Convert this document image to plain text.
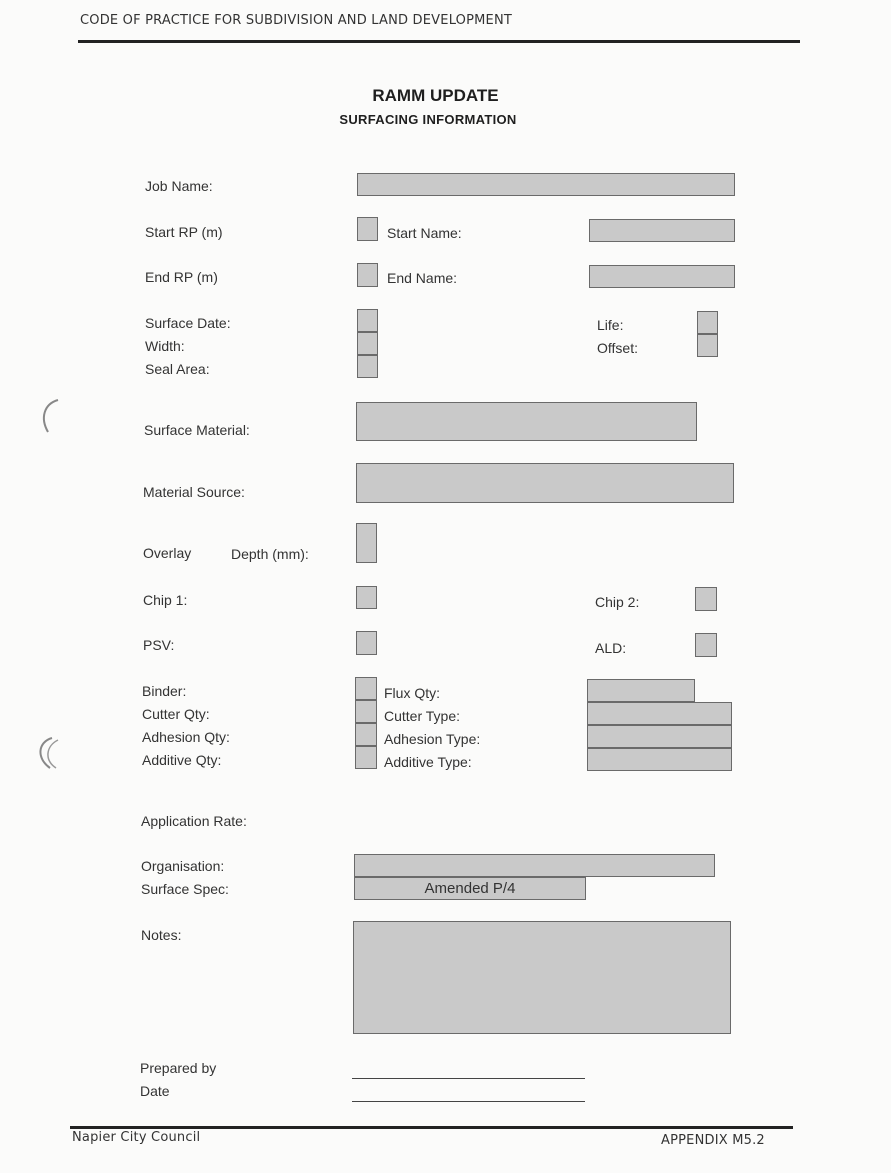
CODE OF PRACTICE FOR SUBDIVISION AND LAND DEVELOPMENT
RAMM UPDATE
SURFACING INFORMATION
Job Name:
Start RP (m)	Start Name:
End RP (m)	End Name:
Surface Date:
Width:
Seal Area:
Life:
Offset:
Surface Material:
Material Source:
Overlay	Depth (mm):
Chip 1:	Chip 2:
PSV:	ALD:
Binder:
Cutter Qty:
Adhesion Qty:
Additive Qty:
Flux Qty:
Cutter Type:
Adhesion Type:
Additive Type:
Application Rate:
Organisation:
Surface Spec:	Amended P/4
Notes:
Prepared by
Date
Napier City Council	APPENDIX M5.2
